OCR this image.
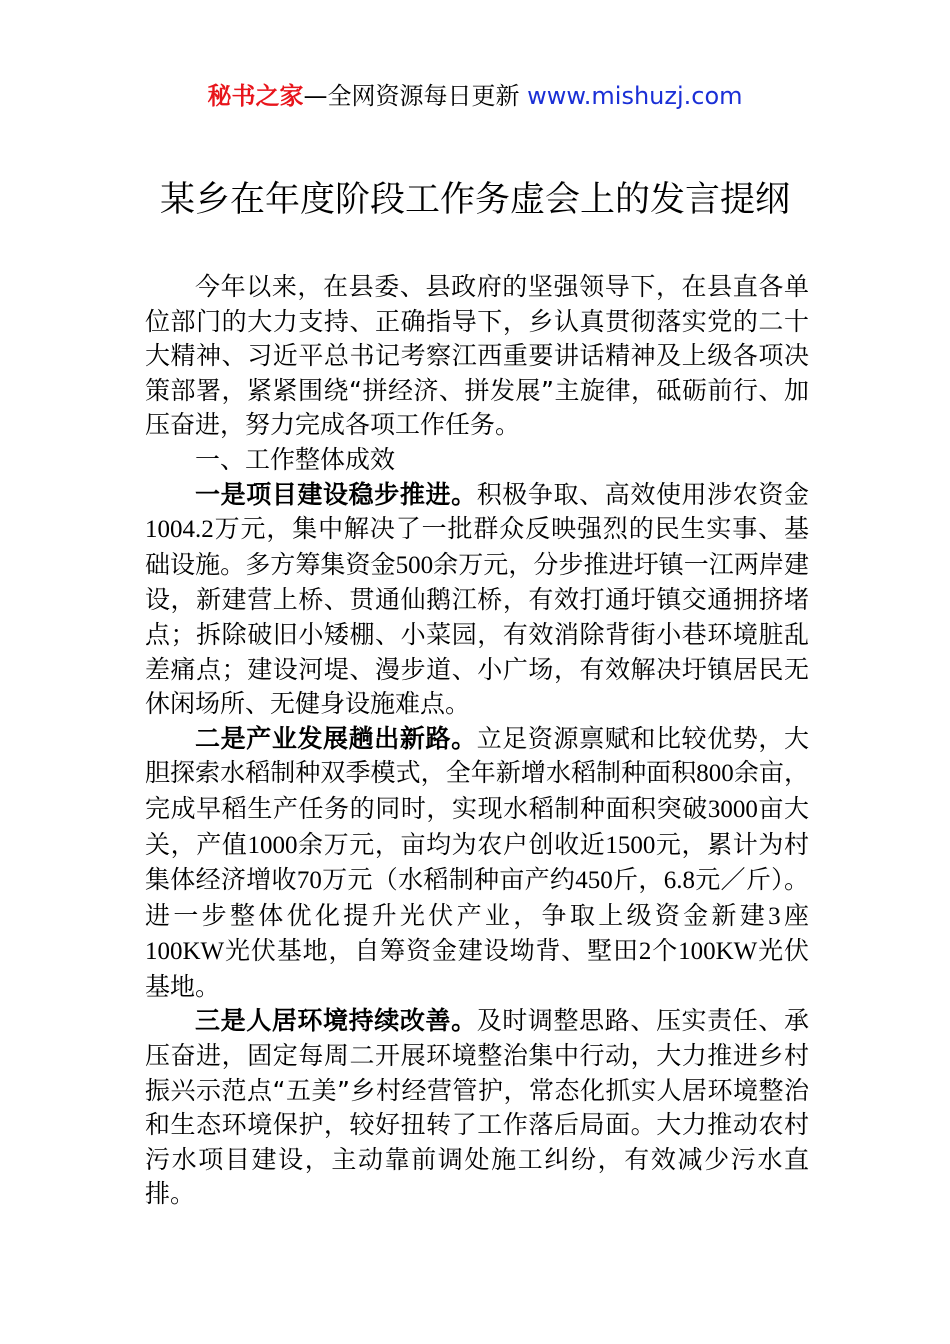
秘书之家—全网资源每日更新 www.mishuzj.com
某乡在年度阶段工作务虚会上的发言提纲

今年以来，在县委、县政府的坚强领导下，在县直各单位部门的大力支持、正确指导下，乡认真贯彻落实党的二十大精神、习近平总书记考察江西重要讲话精神及上级各项决策部署，紧紧围绕“拼经济、拼发展”主旋律，砥砺前行、加压奋进，努力完成各项工作任务。

一、工作整体成效

一是项目建设稳步推进。积极争取、高效使用涉农资金1004.2万元，集中解决了一批群众反映强烈的民生实事、基础设施。多方筹集资金500余万元，分步推进圩镇一江两岸建设，新建营上桥、贯通仙鹅江桥，有效打通圩镇交通拥挤堵点；拆除破旧小矮棚、小菜园，有效消除背街小巷环境脏乱差痛点；建设河堤、漫步道、小广场，有效解决圩镇居民无休闲场所、无健身设施难点。

二是产业发展趟出新路。立足资源禀赋和比较优势，大胆探索水稻制种双季模式，全年新增水稻制种面积800余亩，完成早稻生产任务的同时，实现水稻制种面积突破3000亩大关，产值1000余万元，亩均为农户创收近1500元，累计为村集体经济增收70万元（水稻制种亩产约450斤，6.8元／斤）。进一步整体优化提升光伏产业，争取上级资金新建3座100KW光伏基地，自筹资金建设坳背、墅田2个100KW光伏基地。

三是人居环境持续改善。及时调整思路、压实责任、承压奋进，固定每周二开展环境整治集中行动，大力推进乡村振兴示范点“五美”乡村经营管护，常态化抓实人居环境整治和生态环境保护，较好扭转了工作落后局面。大力推动农村污水项目建设，主动靠前调处施工纠纷，有效减少污水直排。
